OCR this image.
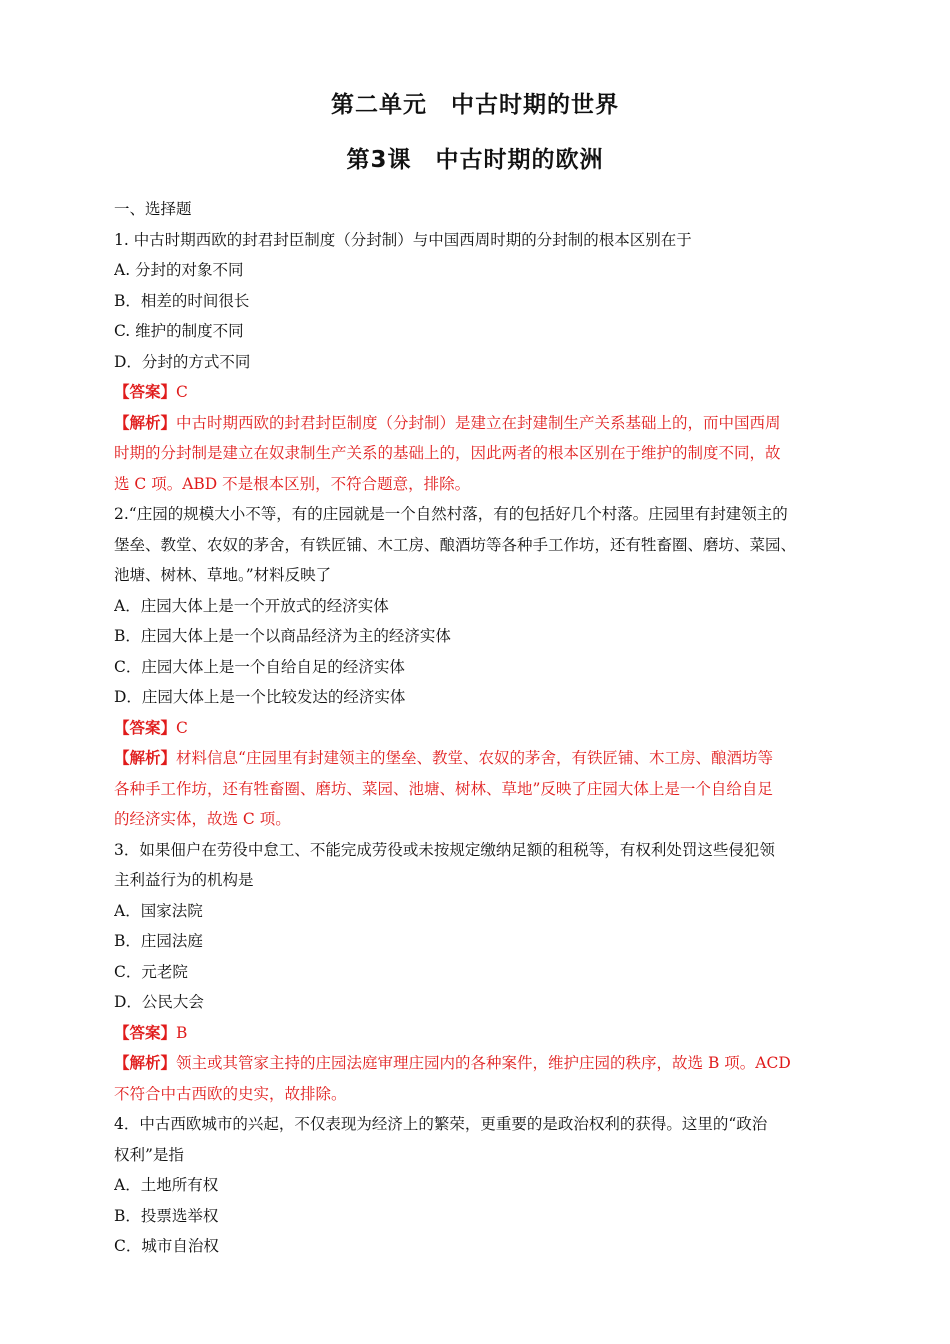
第二单元　中古时期的世界
第3课　中古时期的欧洲
一、选择题
1. 中古时期西欧的封君封臣制度（分封制）与中国西周时期的分封制的根本区别在于
A. 分封的对象不同
B．相差的时间很长
C. 维护的制度不同
D．分封的方式不同
【答案】C
【解析】中古时期西欧的封君封臣制度（分封制）是建立在封建制生产关系基础上的，而中国西周
时期的分封制是建立在奴隶制生产关系的基础上的，因此两者的根本区别在于维护的制度不同，故
选 C 项。ABD 不是根本区别，不符合题意，排除。
2.“庄园的规模大小不等，有的庄园就是一个自然村落，有的包括好几个村落。庄园里有封建领主的
堡垒、教堂、农奴的茅舍，有铁匠铺、木工房、酿酒坊等各种手工作坊，还有牲畜圈、磨坊、菜园、
池塘、树林、草地。”材料反映了
A．庄园大体上是一个开放式的经济实体
B．庄园大体上是一个以商品经济为主的经济实体
C．庄园大体上是一个自给自足的经济实体
D．庄园大体上是一个比较发达的经济实体
【答案】C
【解析】材料信息“庄园里有封建领主的堡垒、教堂、农奴的茅舍，有铁匠铺、木工房、酿酒坊等
各种手工作坊，还有牲畜圈、磨坊、菜园、池塘、树林、草地”反映了庄园大体上是一个自给自足
的经济实体，故选 C 项。
3．如果佃户在劳役中怠工、不能完成劳役或未按规定缴纳足额的租税等，有权利处罚这些侵犯领
主利益行为的机构是
A．国家法院
B．庄园法庭
C．元老院
D．公民大会
【答案】B
【解析】领主或其管家主持的庄园法庭审理庄园内的各种案件，维护庄园的秩序，故选 B 项。ACD
不符合中古西欧的史实，故排除。
4．中古西欧城市的兴起，不仅表现为经济上的繁荣，更重要的是政治权利的获得。这里的“政治
权利”是指
A．土地所有权
B．投票选举权
C．城市自治权
